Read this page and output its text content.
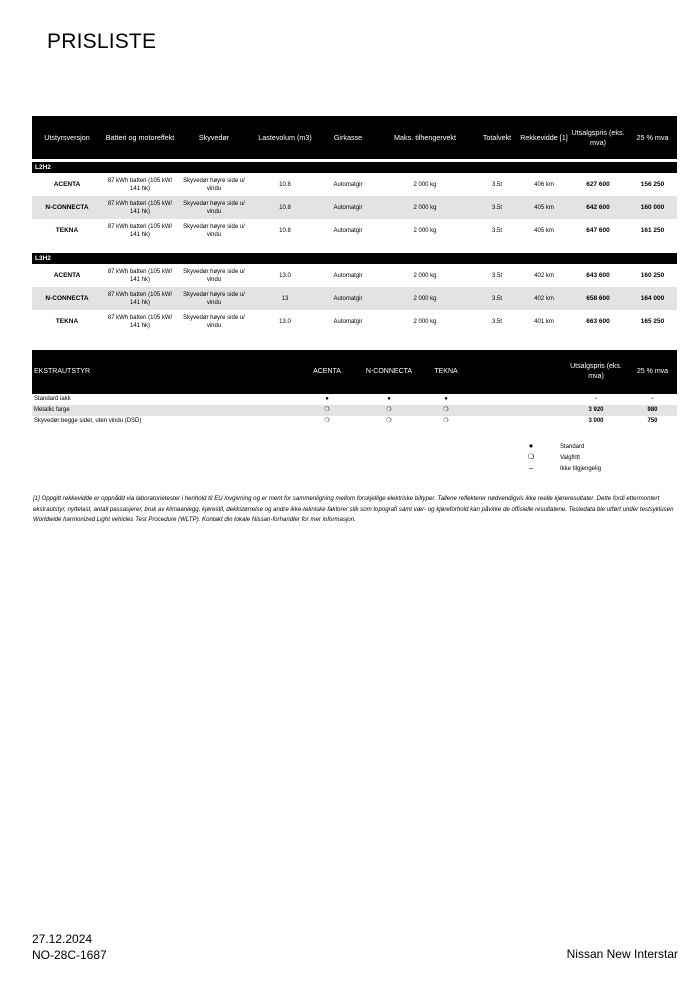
PRISLISTE
Utstyrsversjon	Batteri og motoreffekt	Skyvedør	Lastevolum (m3)	Girkasse	Maks. tilhengervekt	Totalvekt	Rekkevidde [1]	Utsalgspris (eks. mva)	25 % mva

L2H2									
ACENTA	87 kWh batteri (105 kW/ 141 hk)	Skyvedør høyre side u/ vindu	10.8	Automatgir	2 000 kg	3.5t	406 km	627 600	156 250
N-CONNECTA	87 kWh batteri (105 kW/ 141 hk)	Skyvedør høyre side u/ vindu	10.8	Automatgir	2 000 kg	3.5t	405 km	642 600	160 000
TEKNA	87 kWh batteri (105 kW/ 141 hk)	Skyvedør høyre side u/ vindu	10.8	Automatgir	2 000 kg	3.5t	405 km	647 600	161 250

L3H2									
ACENTA	87 kWh batteri (105 kW/ 141 hk)	Skyvedør høyre side u/ vindu	13.0	Automatgir	2 000 kg	3.5t	402 km	643 600	160 250
N-CONNECTA	87 kWh batteri (105 kW/ 141 hk)	Skyvedør høyre side u/ vindu	13	Automatgir	2 000 kg	3.5t	402 km	658 600	164 000
TEKNA	87 kWh batteri (105 kW/ 141 hk)	Skyvedør høyre side u/ vindu	13.0	Automatgir	2 000 kg	3.5t	401 km	663 600	165 250
EKSTRAUTSTYR	ACENTA	N-CONNECTA	TEKNA		Utsalgspris (eks. mva)	25 % mva
Standard lakk	●	●	●		-	-
Metallic farge	❍	❍	❍		3 920	980
Skyvedør begge sider, uten vindu (DSD)	❍	❍	❍		3 000	750
●	Standard
❍	Valgfritt
–	Ikke tilgjengelig
[1] Oppgitt rekkevidde er oppnådd via laboratorietester i henhold til EU lovgivning og er ment for sammenligning mellom forskjellige elektriske biltyper. Tallene reflekterer nødvendigvis ikke reelle kjøreresultater. Dette fordi ettermontert ekstrautstyr, nyttelast, antall passasjerer, bruk av klimaanlegg, kjørestil, dekkstørrelse og andre ikke-tekniske faktorer slik som topografi samt vær- og kjøreforhold kan påvirke de offisielle resultatene. Testedata ble utført under testsyklusen Worldwide harmonized Light vehicles Test Procedure (WLTP). Kontakt din lokale Nissan-forhandler for mer informasjon.
27.12.2024
NO-28C-1687	Nissan New Interstar
